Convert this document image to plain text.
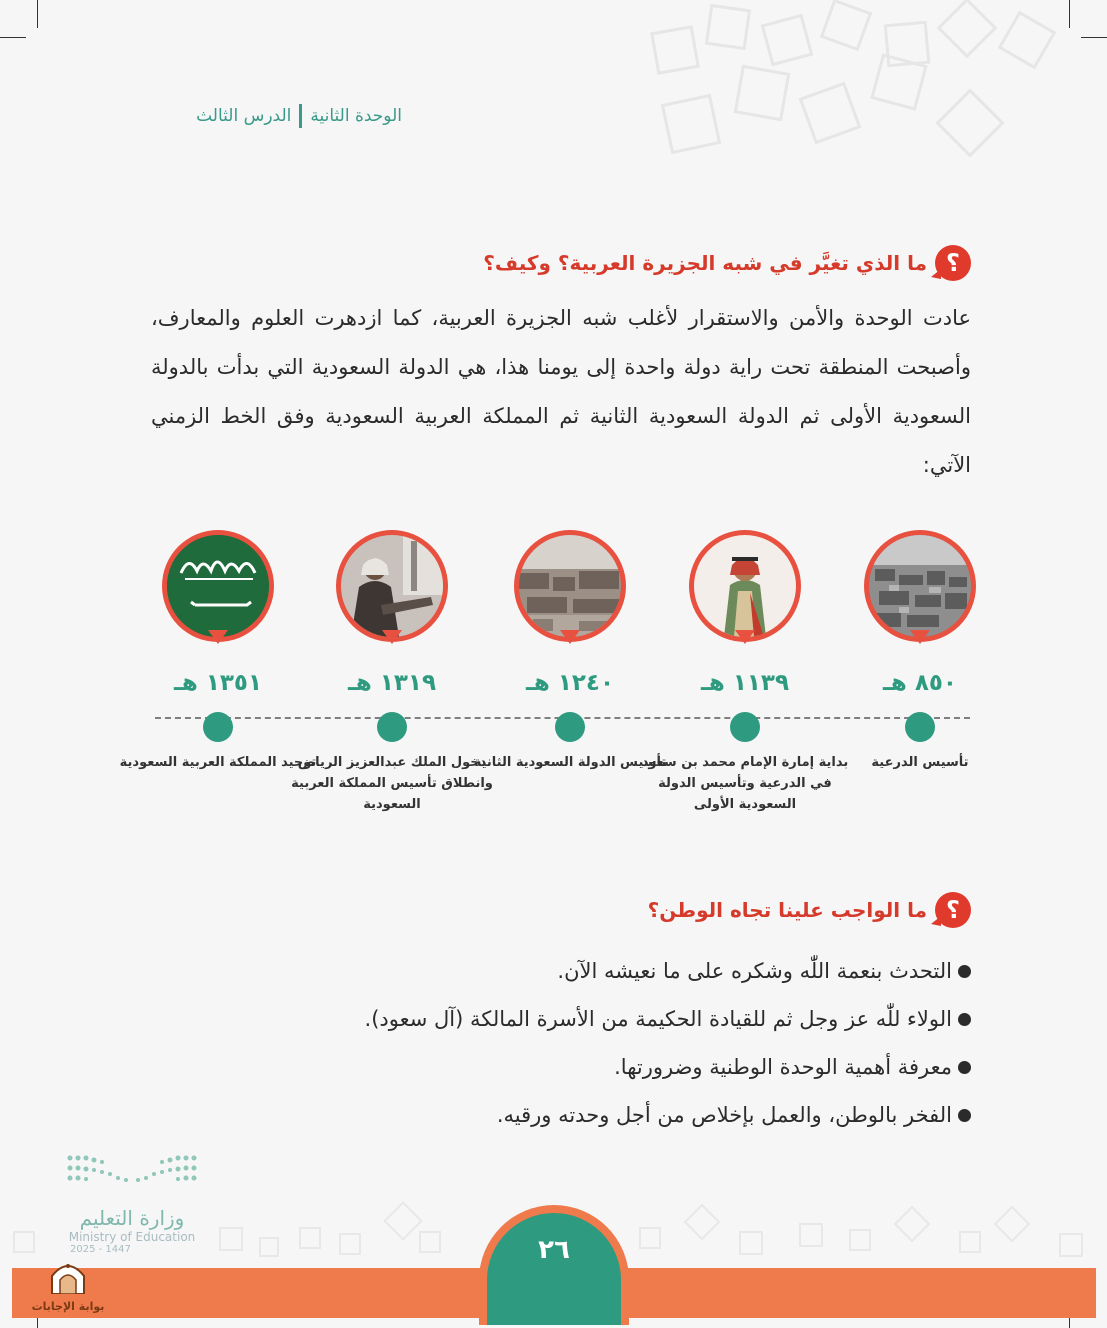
الوحدة الثانية
الدرس الثالث
؟
ما الذي تغيَّر في شبه الجزيرة العربية؟ وكيف؟

عادت الوحدة والأمن والاستقرار لأغلب شبه الجزيرة العربية، كما ازدهرت العلوم والمعارف، وأصبحت المنطقة تحت راية دولة واحدة إلى يومنا هذا، هي الدولة السعودية التي بدأت بالدولة السعودية الأولى ثم الدولة السعودية الثانية ثم المملكة العربية السعودية وفق الخط الزمني الآتي:

٨٥٠ هـ
تأسيس الدرعية
١١٣٩ هـ
بداية إمارة الإمام محمد بن سعود في الدرعية وتأسيس الدولة السعودية الأولى
١٢٤٠ هـ
تأسيس الدولة السعودية الثانية
١٣١٩ هـ
دخول الملك عبدالعزيز الرياض وانطلاق تأسيس المملكة العربية السعودية
١٣٥١ هـ
توحيد المملكة العربية السعودية
؟
ما الواجب علينا تجاه الوطن؟
التحدث بنعمة اللّٰه وشكره على ما نعيشه الآن.
الولاء للّٰه عز وجل ثم للقيادة الحكيمة من الأسرة المالكة (آل سعود).
معرفة أهمية الوحدة الوطنية وضرورتها.
الفخر بالوطن، والعمل بإخلاص من أجل وحدته ورقيه.
وزارة التعليم
Ministry of Education
2025 - 1447	٢٦
بوابة الإجابات
